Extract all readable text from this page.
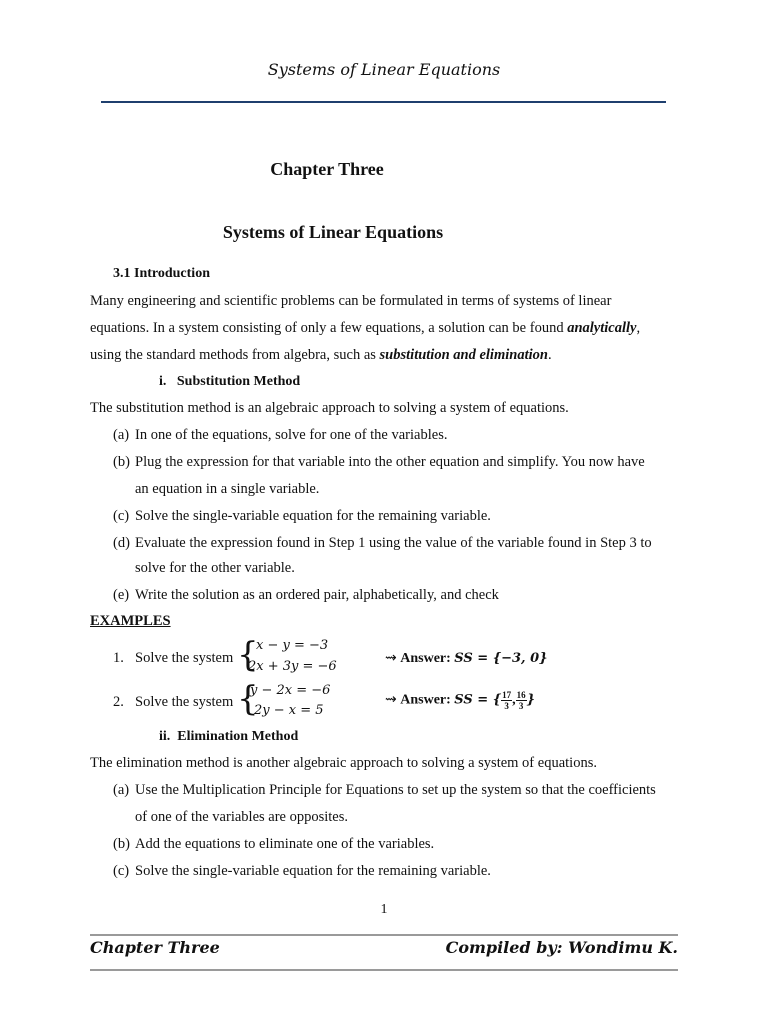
Systems of Linear Equations
Chapter Three
Systems of Linear Equations
3.1 Introduction
Many engineering and scientific problems can be formulated in terms of systems of linear
equations. In a system consisting of only a few equations, a solution can be found analytically,
using the standard methods from algebra, such as substitution and elimination.
i.   Substitution Method
The substitution method is an algebraic approach to solving a system of equations.
(a) In one of the equations, solve for one of the variables.
(b) Plug the expression for that variable into the other equation and simplify. You now have
an equation in a single variable.
(c) Solve the single-variable equation for the remaining variable.
(d) Evaluate the expression found in Step 1 using the value of the variable found in Step 3 to
solve for the other variable.
(e) Write the solution as an ordered pair, alphabetically, and check
EXAMPLES
1. Solve the system {
x − y = −3
2x + 3y = −6
⇝ Answer: SS = {−3, 0}
2. Solve the system {
y − 2x = −6
2y − x = 5
⇝ Answer: SS = { $\frac{17}{3}$ , $\frac{16}{3}$ }
ii.  Elimination Method
The elimination method is another algebraic approach to solving a system of equations.
(a) Use the Multiplication Principle for Equations to set up the system so that the coefficients
of one of the variables are opposites.
(b) Add the equations to eliminate one of the variables.
(c) Solve the single-variable equation for the remaining variable.
1
Chapter Three	Compiled by: Wondimu K.
